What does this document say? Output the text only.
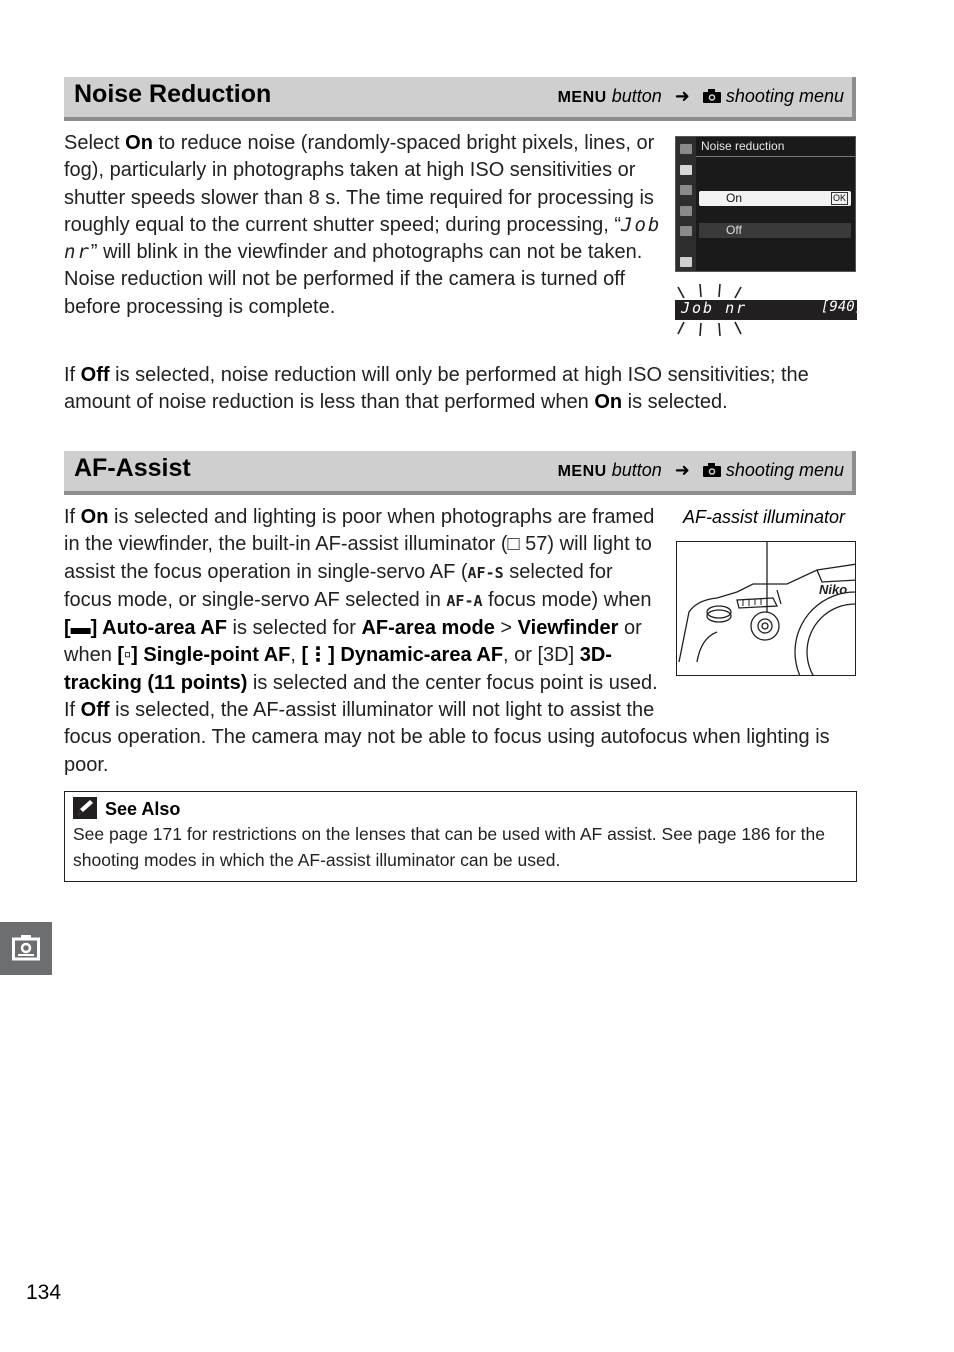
Noise Reduction	MENU button ➜ shooting menu
Select On to reduce noise (randomly-spaced bright pixels, lines, or fog), particularly in photographs taken at high ISO sensitivities or shutter speeds slower than 8 s. The time required for processing is roughly equal to the current shutter speed; during processing, “Job nr” will blink in the viewfinder and photographs can not be taken. Noise reduction will not be performed if the camera is turned off before processing is complete.
Noise reduction
On	OK
Off
Job nr	[940]
If Off is selected, noise reduction will only be performed at high ISO sensitivities; the amount of noise reduction is less than that performed when On is selected.
AF-Assist	MENU button ➜ shooting menu
AF-assist illuminator
Niko
If On is selected and lighting is poor when photographs are framed in the viewfinder, the built-in AF-assist illuminator (□ 57) will light to assist the focus operation in single-servo AF (AF-S selected for focus mode, or single-servo AF selected in AF-A focus mode) when [▬] Auto-area AF is selected for AF-area mode > Viewfinder or when [▫] Single-point AF, [⋮] Dynamic-area AF, or [3D] 3D-tracking (11 points) is selected and the center focus point is used. If Off is selected, the AF-assist illuminator will not light to assist the focus operation. The camera may not be able to focus using autofocus when lighting is poor.
See Also
See page 171 for restrictions on the lenses that can be used with AF assist. See page 186 for the shooting modes in which the AF-assist illuminator can be used.
134
